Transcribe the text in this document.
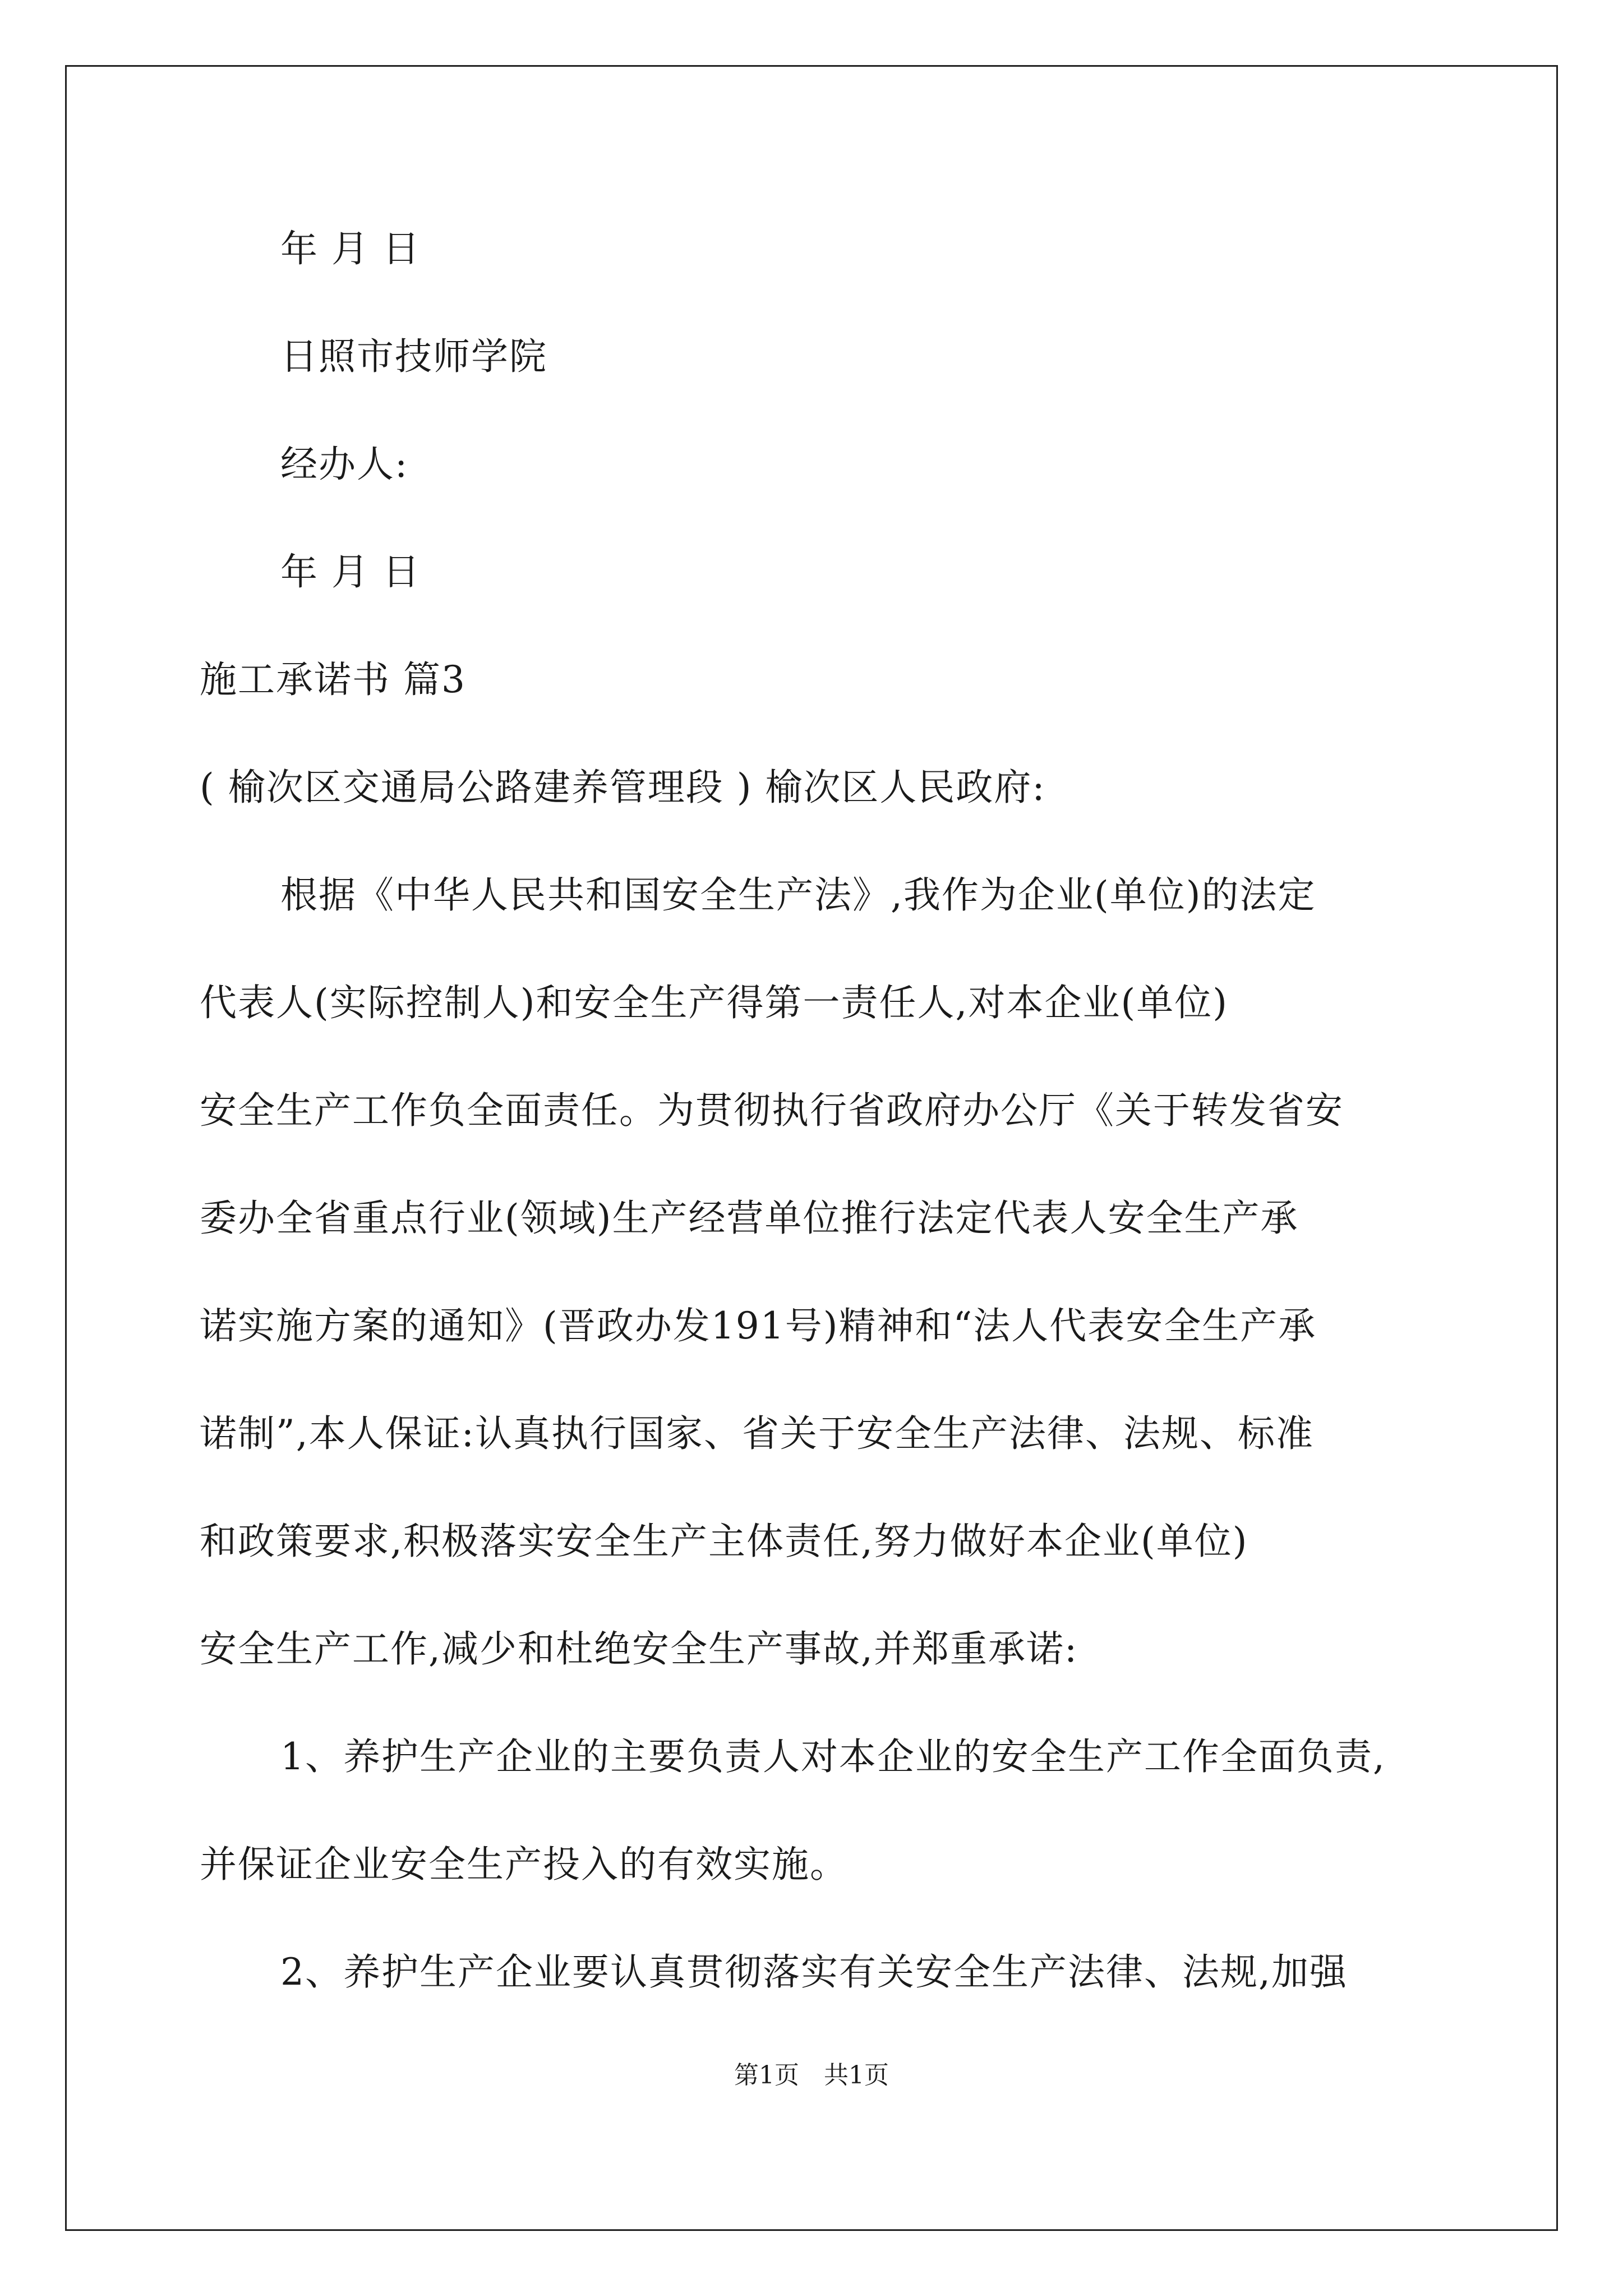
年 月 日
日照市技师学院
经办人:
年 月 日
施工承诺书 篇3
( 榆次区交通局公路建养管理段 ) 榆次区人民政府:
根据《中华人民共和国安全生产法》,我作为企业(单位)的法定
代表人(实际控制人)和安全生产得第一责任人,对本企业(单位)
安全生产工作负全面责任。为贯彻执行省政府办公厅《关于转发省安
委办全省重点行业(领域)生产经营单位推行法定代表人安全生产承
诺实施方案的通知》(晋政办发191号)精神和“法人代表安全生产承
诺制”,本人保证:认真执行国家、省关于安全生产法律、法规、标准
和政策要求,积极落实安全生产主体责任,努力做好本企业(单位)
安全生产工作,减少和杜绝安全生产事故,并郑重承诺:
1、养护生产企业的主要负责人对本企业的安全生产工作全面负责,
并保证企业安全生产投入的有效实施。
2、养护生产企业要认真贯彻落实有关安全生产法律、法规,加强
第1页 共1页
